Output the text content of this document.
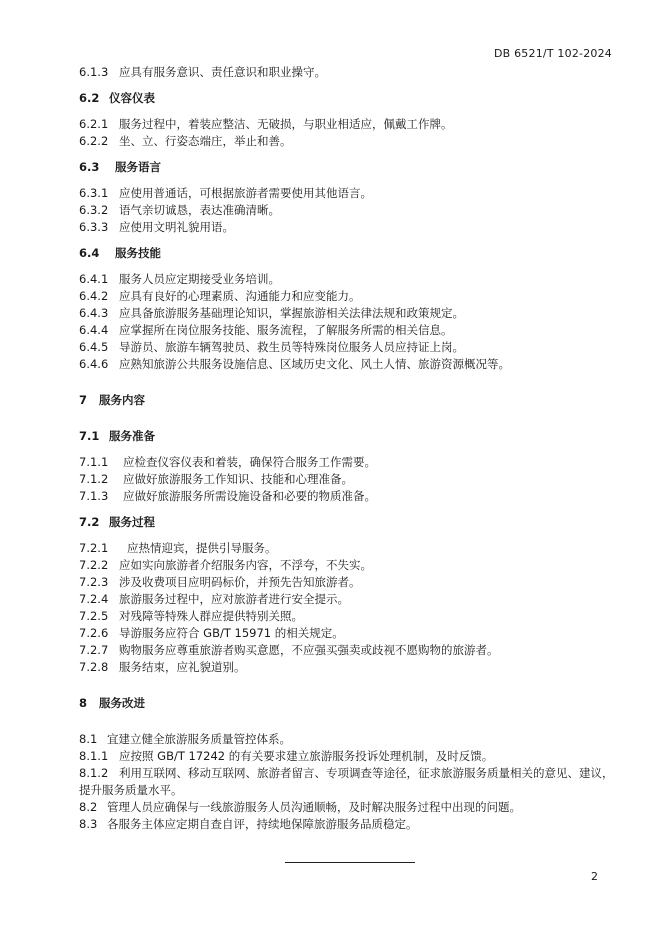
DB 6521/T 102-2024
6.1.3 应具有服务意识、责任意识和职业操守。
6.2 仪容仪表
6.2.1 服务过程中，着装应整洁、无破损，与职业相适应，佩戴工作牌。
6.2.2 坐、立、行姿态端庄，举止和善。
6.3 服务语言
6.3.1 应使用普通话，可根据旅游者需要使用其他语言。
6.3.2 语气亲切诚恳，表达准确清晰。
6.3.3 应使用文明礼貌用语。
6.4 服务技能
6.4.1 服务人员应定期接受业务培训。
6.4.2 应具有良好的心理素质、沟通能力和应变能力。
6.4.3 应具备旅游服务基础理论知识，掌握旅游相关法律法规和政策规定。
6.4.4 应掌握所在岗位服务技能、服务流程，了解服务所需的相关信息。
6.4.5 导游员、旅游车辆驾驶员、救生员等特殊岗位服务人员应持证上岗。
6.4.6 应熟知旅游公共服务设施信息、区域历史文化、风土人情、旅游资源概况等。
7 服务内容
7.1 服务准备
7.1.1 应检查仪容仪表和着装，确保符合服务工作需要。
7.1.2 应做好旅游服务工作知识、技能和心理准备。
7.1.3 应做好旅游服务所需设施设备和必要的物质准备。
7.2 服务过程
7.2.1 应热情迎宾，提供引导服务。
7.2.2 应如实向旅游者介绍服务内容，不浮夸，不失实。
7.2.3 涉及收费项目应明码标价，并预先告知旅游者。
7.2.4 旅游服务过程中，应对旅游者进行安全提示。
7.2.5 对残障等特殊人群应提供特别关照。
7.2.6 导游服务应符合 GB/T 15971 的相关规定。
7.2.7 购物服务应尊重旅游者购买意愿，不应强买强卖或歧视不愿购物的旅游者。
7.2.8 服务结束，应礼貌道别。
8 服务改进
8.1 宜建立健全旅游服务质量管控体系。
8.1.1 应按照 GB/T 17242 的有关要求建立旅游服务投诉处理机制，及时反馈。
8.1.2 利用互联网、移动互联网、旅游者留言、专项调查等途径，征求旅游服务质量相关的意见、建议，提升服务质量水平。
8.2 管理人员应确保与一线旅游服务人员沟通顺畅，及时解决服务过程中出现的问题。
8.3 各服务主体应定期自查自评，持续地保障旅游服务品质稳定。
2
